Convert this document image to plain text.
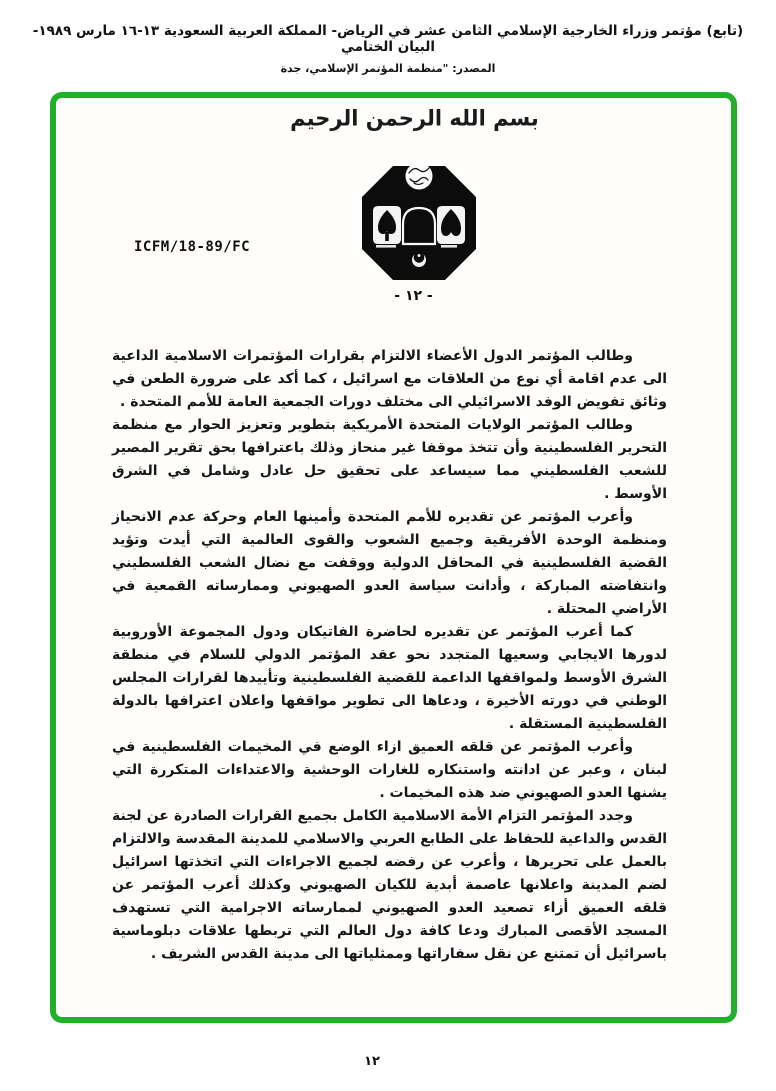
(تابع) مؤتمر وزراء الخارجية الإسلامي الثامن عشر في الرياض- المملكة العربية السعودية ١٣-١٦ مارس ١٩٨٩- البيان الختامي
المصدر: "منظمة المؤتمر الإسلامي، جدة
بسم الله الرحمن الرحيم
ICFM/18-89/FC
- ١٢ -

وطالب المؤتمر الدول الأعضاء الالتزام بقرارات المؤتمرات الاسلامية الداعية الى عدم اقامة أي نوع من العلاقات مع اسرائيل ، كما أكد على ضرورة الطعن في وثائق تفويض الوفد الاسرائيلي الى مختلف دورات الجمعية العامة للأمم المتحدة .

وطالب المؤتمر الولايات المتحدة الأمريكية بتطوير وتعزيز الحوار مع منظمة التحرير الفلسطينية وأن تتخذ موقفا غير منحاز وذلك باعترافها بحق تقرير المصير للشعب الفلسطيني مما سيساعد على تحقيق حل عادل وشامل في الشرق الأوسط .

وأعرب المؤتمر عن تقديره للأمم المتحدة وأمينها العام وحركة عدم الانحياز ومنظمة الوحدة الأفريقية وجميع الشعوب والقوى العالمية التي أيدت وتؤيد القضية الفلسطينية في المحافل الدولية ووقفت مع نضال الشعب الفلسطيني وانتفاضته المباركة ، وأدانت سياسة العدو الصهيوني وممارساته القمعية في الأراضي المحتلة .

كما أعرب المؤتمر عن تقديره لحاضرة الفاتيكان ودول المجموعة الأوروبية لدورها الايجابي وسعيها المتجدد نحو عقد المؤتمر الدولي للسلام في منطقة الشرق الأوسط ولمواقفها الداعمة للقضية الفلسطينية وتأييدها لقرارات المجلس الوطني في دورته الأخيرة ، ودعاها الى تطوير مواقفها واعلان اعترافها بالدولة الفلسطينية المستقلة .

وأعرب المؤتمر عن قلقه العميق ازاء الوضع في المخيمات الفلسطينية في لبنان ، وعبر عن ادانته واستنكاره للغارات الوحشية والاعتداءات المتكررة التي يشنها العدو الصهيوني ضد هذه المخيمات .

وجدد المؤتمر التزام الأمة الاسلامية الكامل بجميع القرارات الصادرة عن لجنة القدس والداعية للحفاظ على الطابع العربي والاسلامي للمدينة المقدسة والالتزام بالعمل على تحريرها ، وأعرب عن رفضه لجميع الاجراءات التي اتخذتها اسرائيل لضم المدينة واعلانها عاصمة أبدية للكيان الصهيوني وكذلك أعرب المؤتمر عن قلقه العميق أزاء تصعيد العدو الصهيوني لممارساته الاجرامية التي تستهدف المسجد الأقصى المبارك ودعا كافة دول العالم التي تربطها علاقات دبلوماسية باسرائيل أن تمتنع عن نقل سفاراتها وممثلياتها الى مدينة القدس الشريف .

١٢
